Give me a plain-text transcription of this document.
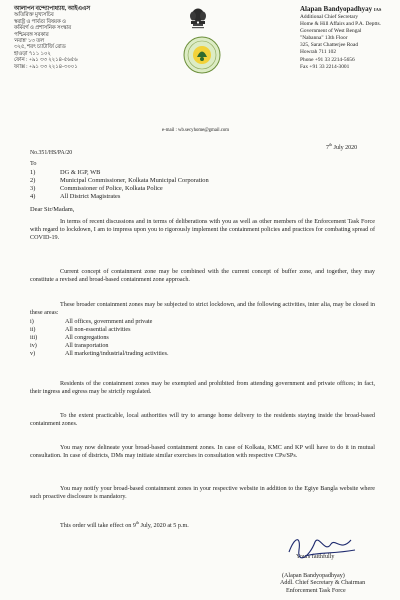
আলাপন বন্দ্যোপাধ্যায়, আইএএস
অতিরিক্ত মুখ্যসচিব
স্বরাষ্ট্র ও পার্বত্য বিষয়ক ও
কর্মিবর্গ ও প্রশাসনিক সংস্কার
পশ্চিমবঙ্গ সরকার
'নবান্ন' ১৩ তল
৩২৫, শরৎ চ্যাটার্জি রোড
হাওড়া ৭১১ ১০২
ফোন : +৯১ ৩৩ ২২১৪-৫৬৫৬
ফ্যাক্স : +৯১ ৩৩ ২২১৪-৩০০১
Alapan Bandyopadhyay IAS
Additional Chief Secretary
Home & Hill Affairs and P.A. Deptts.
Government of West Bengal
"Nabanna" 13th Floor
325, Sarat Chatterjee Road
Howrah 711 102
Phone +91 33 2214-5656
Fax +91 33 2214-3001
e-mail : wb.secyhome@gmail.com
7th July 2020
No.351/HS/PA/20
To
1)	DG & IGP, WB
2)	Municipal Commissioner, Kolkata Municipal Corporation
3)	Commissioner of Police, Kolkata Police
4)	All District Magistrates
Dear Sir/Madam,

In terms of recent discussions and in terms of deliberations with you as well as other members of the Enforcement Task Force with regard to lockdown, I am to impress upon you to rigorously implement the containment policies and practices for combating spread of COVID-19.

Current concept of containment zone may be combined with the current concept of buffer zone, and together, they may constitute a revised and broad-based containment zone approach.

These broader containment zones may be subjected to strict lockdown, and the following activities, inter alia, may be closed in these areas:

i)	All offices, government and private
ii)	All non-essential activities
iii)	All congregations
iv)	All transportation
v)	All marketing/industrial/trading activities.

Residents of the containment zones may be exempted and prohibited from attending government and private offices; in fact, their ingress and egress may be strictly regulated.

To the extent practicable, local authorities will try to arrange home delivery to the residents staying inside the broad-based containment zones.

You may now delineate your broad-based containment zones. In case of Kolkata, KMC and KP will have to do it in mutual consultation. In case of districts, DMs may initiate similar exercises in consultation with respective CPs/SPs.

You may notify your broad-based containment zones in your respective website in addition to the Egiye Bangla website where such proactive disclosure is mandatory.

This order will take effect on 9th July, 2020 at 5 p.m.

Yours faithfully
(Alapan Bandyopadhyay)
Addl. Chief Secretary & Chairman
Enforcement Task Force
